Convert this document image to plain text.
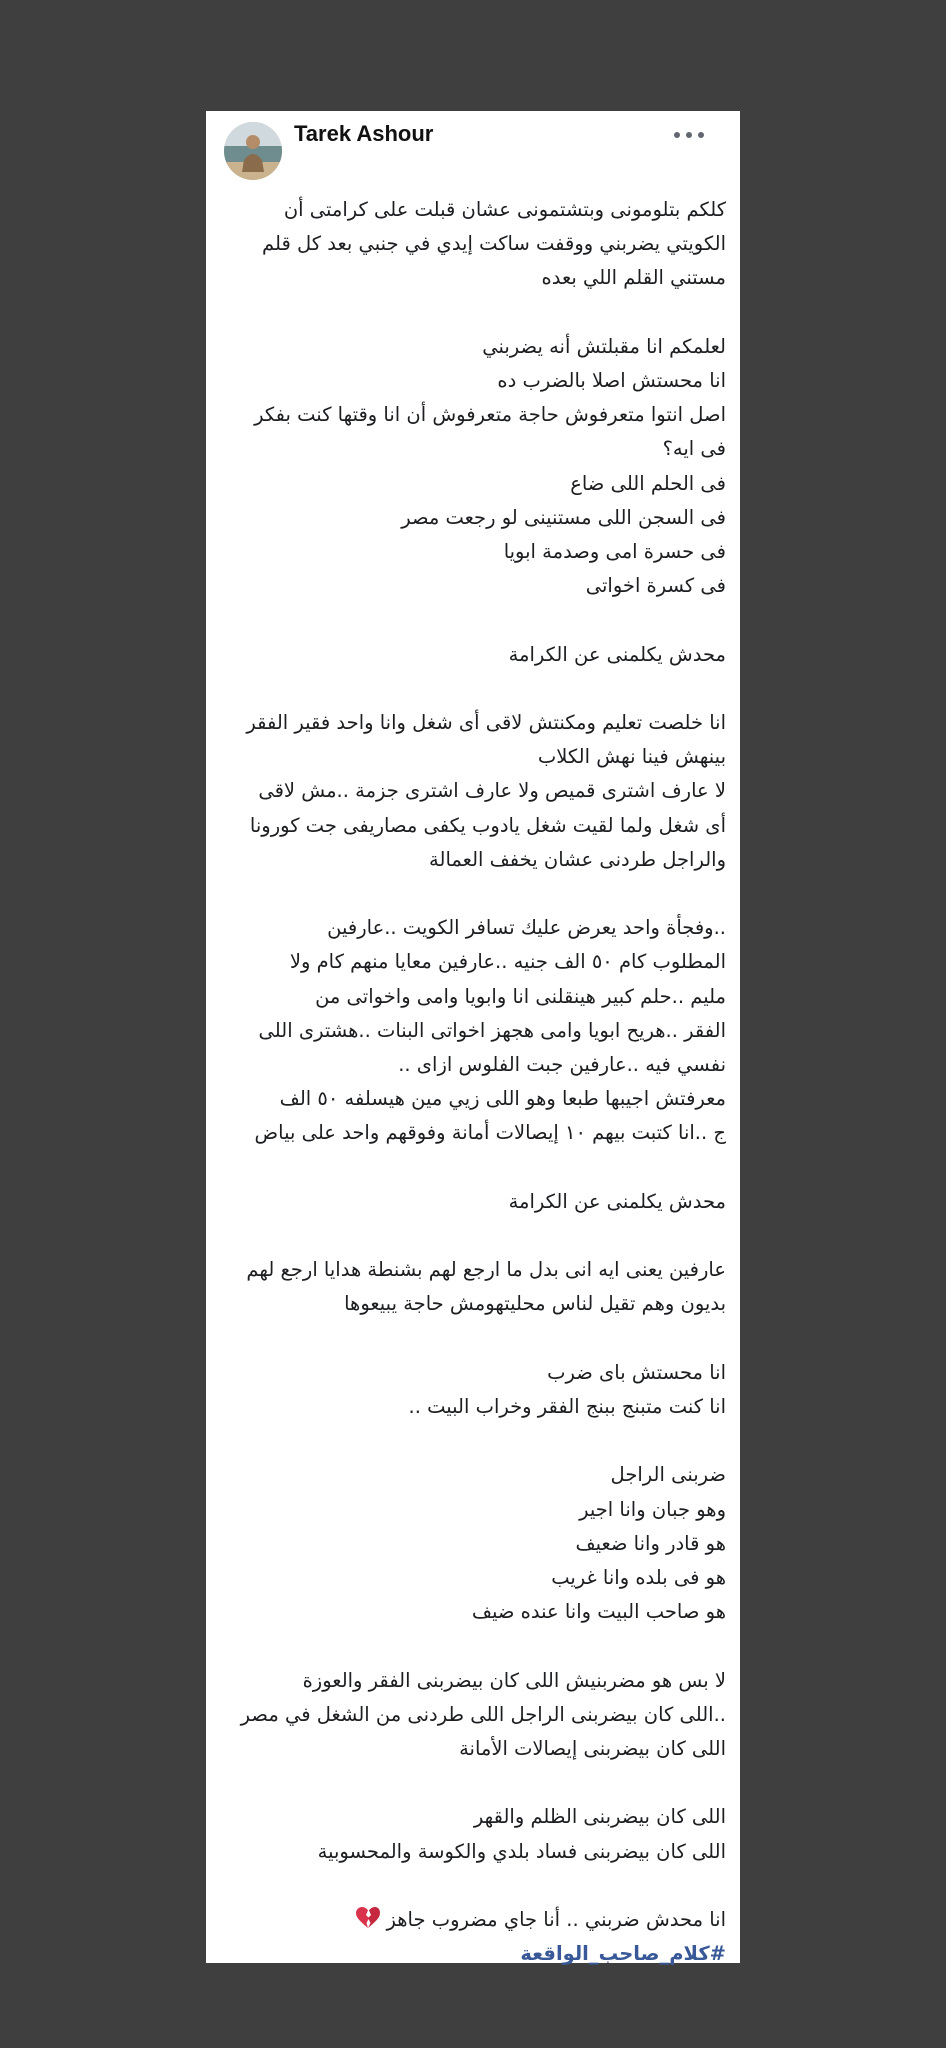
Tarek Ashour
كلكم بتلومونى وبتشتمونى عشان قبلت على كرامتى أن
الكويتي يضربني ووقفت ساكت إيدي في جنبي بعد كل قلم
مستني القلم اللي بعده
لعلمكم انا مقبلتش أنه يضربني
انا محستش اصلا بالضرب ده
اصل انتوا متعرفوش حاجة متعرفوش أن انا وقتها كنت بفكر
فى ايه؟
فى الحلم اللى ضاع
فى السجن اللى مستنينى لو رجعت مصر
فى حسرة امى وصدمة ابويا
فى كسرة اخواتى
محدش يكلمنى عن الكرامة
انا خلصت تعليم ومكنتش لاقى أى شغل وانا واحد فقير الفقر
بينهش فينا نهش الكلاب
لا عارف اشترى قميص ولا عارف اشترى جزمة ..مش لاقى
أى شغل ولما لقيت شغل يادوب يكفى مصاريفى جت كورونا
والراجل طردنى عشان يخفف العمالة
..وفجأة واحد يعرض عليك تسافر الكويت ..عارفين
المطلوب كام ٥٠ الف جنيه ..عارفين معايا منهم كام ولا
مليم ..حلم كبير هينقلنى انا وابويا وامى واخواتى من
الفقر ..هريح ابويا وامى هجهز اخواتى البنات ..هشترى اللى
نفسي فيه ..عارفين جبت الفلوس ازاى ..
معرفتش اجيبها طبعا وهو اللى زيي مين هيسلفه ٥٠ الف
ج ..انا كتبت بيهم ١٠ إيصالات أمانة وفوقهم واحد على بياض
محدش يكلمنى عن الكرامة
عارفين يعنى ايه انى بدل ما ارجع لهم بشنطة هدايا ارجع لهم
بديون وهم تقيل لناس محليتهومش حاجة يبيعوها
انا محستش باى ضرب
انا كنت متبنج ببنج الفقر وخراب البيت ..
ضربنى الراجل
وهو جبان وانا اجير
هو قادر وانا ضعيف
هو فى بلده وانا غريب
هو صاحب البيت وانا عنده ضيف
لا بس هو مضربنيش اللى كان بيضربنى الفقر والعوزة
..اللى كان بيضربنى الراجل اللى طردنى من الشغل في مصر
اللى كان بيضربنى إيصالات الأمانة
اللى كان بيضربنى الظلم والقهر
اللى كان بيضربنى فساد بلدي والكوسة والمحسوبية
انا محدش ضربني .. أنا جاي مضروب جاهز
#كلام_صاحب_الواقعة
